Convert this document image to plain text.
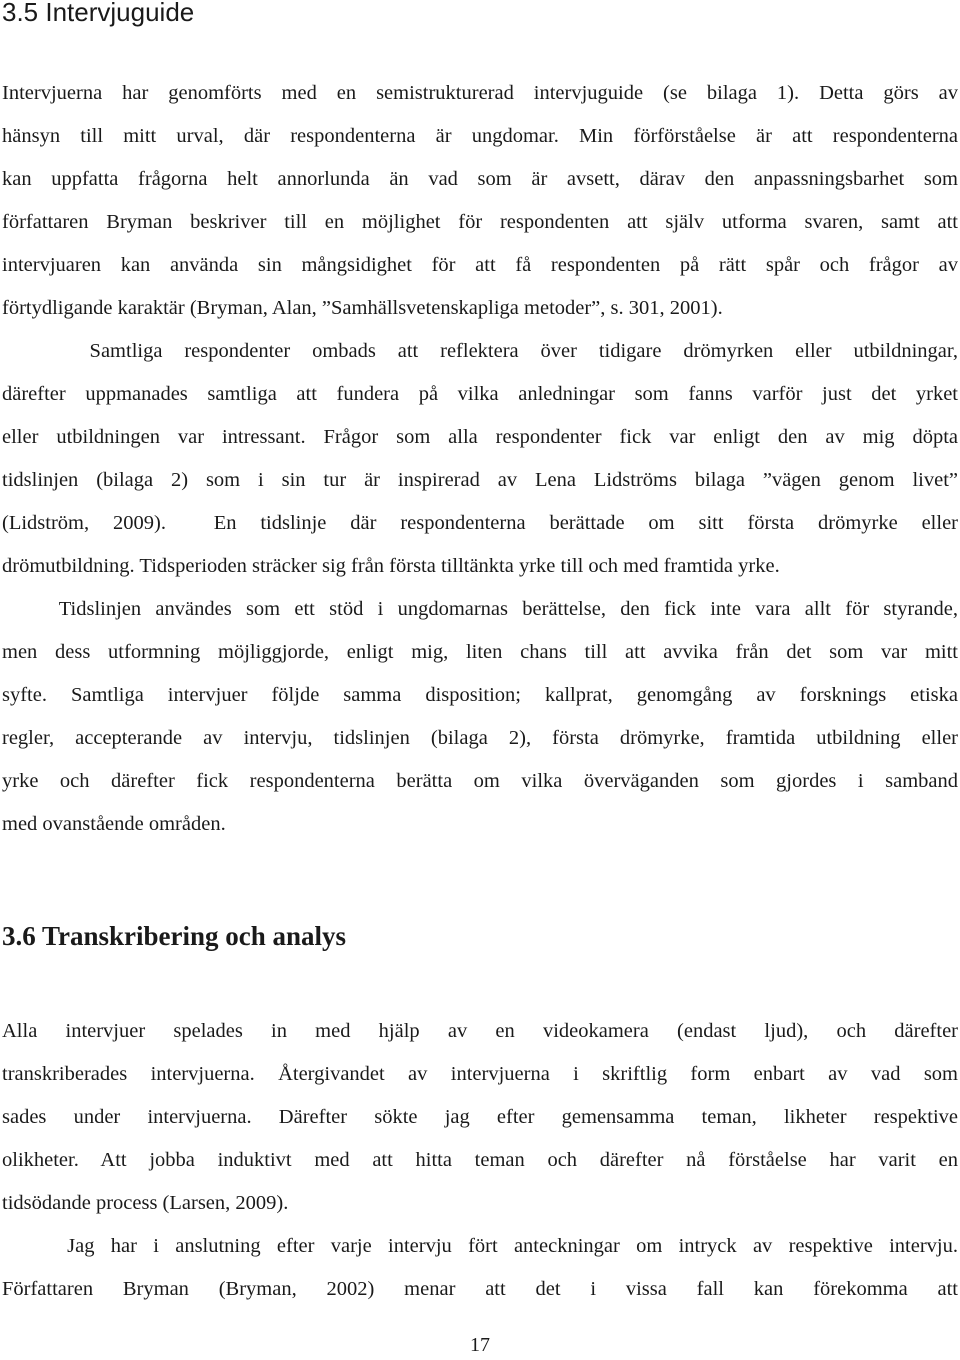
3.5 Intervjuguide
Intervjuerna har genomförts med en semistrukturerad intervjuguide (se bilaga 1). Detta görs av
hänsyn till mitt urval, där respondenterna är ungdomar. Min förförståelse är att respondenterna
kan uppfatta frågorna helt annorlunda än vad som är avsett, därav den anpassningsbarhet som
författaren Bryman beskriver till en möjlighet för respondenten att själv utforma svaren, samt att
intervjuaren kan använda sin mångsidighet för att få respondenten på rätt spår och frågor av
förtydligande karaktär (Bryman, Alan, ”Samhällsvetenskapliga metoder”, s. 301, 2001).
Samtliga respondenter ombads att reflektera över tidigare drömyrken eller utbildningar,
därefter uppmanades samtliga att fundera på vilka anledningar som fanns varför just det yrket
eller utbildningen var intressant. Frågor som alla respondenter fick var enligt den av mig döpta
tidslinjen (bilaga 2) som i sin tur är inspirerad av Lena Lidströms bilaga ”vägen genom livet”
(Lidström, 2009).  En tidslinje där respondenterna berättade om sitt första drömyrke eller
drömutbildning. Tidsperioden sträcker sig från första tilltänkta yrke till och med framtida yrke.
Tidslinjen användes som ett stöd i ungdomarnas berättelse, den fick inte vara allt för styrande,
men dess utformning möjliggjorde, enligt mig, liten chans till att avvika från det som var mitt
syfte. Samtliga intervjuer följde samma disposition; kallprat, genomgång av forsknings etiska
regler, accepterande av intervju, tidslinjen (bilaga 2), första drömyrke, framtida utbildning eller
yrke och därefter fick respondenterna berätta om vilka överväganden som gjordes i samband
med ovanstående områden.
3.6 Transkribering och analys
Alla intervjuer spelades in med hjälp av en videokamera (endast ljud), och därefter
transkriberades intervjuerna. Återgivandet av intervjuerna i skriftlig form enbart av vad som
sades under intervjuerna. Därefter sökte jag efter gemensamma teman, likheter respektive
olikheter. Att jobba induktivt med att hitta teman och därefter nå förståelse har varit en
tidsödande process (Larsen, 2009).
Jag har i anslutning efter varje intervju fört anteckningar om intryck av respektive intervju.
Författaren Bryman (Bryman, 2002) menar att det i vissa fall kan förekomma att

17
